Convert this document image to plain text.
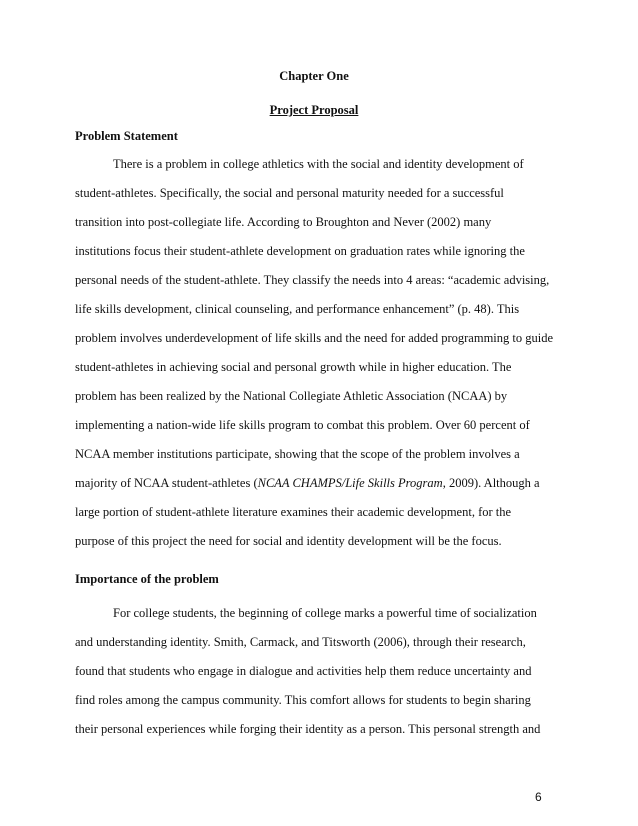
Chapter One

Project Proposal

Problem Statement

There is a problem in college athletics with the social and identity development of

student-athletes. Specifically, the social and personal maturity needed for a successful

transition into post-collegiate life. According to Broughton and Never (2002) many

institutions focus their student-athlete development on graduation rates while ignoring the

personal needs of the student-athlete. They classify the needs into 4 areas: “academic advising,

life skills development, clinical counseling, and performance enhancement” (p. 48). This

problem involves underdevelopment of life skills and the need for added programming to guide

student-athletes in achieving social and personal growth while in higher education. The

problem has been realized by the National Collegiate Athletic Association (NCAA) by

implementing a nation-wide life skills program to combat this problem. Over 60 percent of

NCAA member institutions participate, showing that the scope of the problem involves a

majority of NCAA student-athletes (NCAA CHAMPS/Life Skills Program, 2009). Although a

large portion of student-athlete literature examines their academic development, for the

purpose of this project the need for social and identity development will be the focus.

Importance of the problem

For college students, the beginning of college marks a powerful time of socialization

and understanding identity. Smith, Carmack, and Titsworth (2006), through their research,

found that students who engage in dialogue and activities help them reduce uncertainty and

find roles among the campus community. This comfort allows for students to begin sharing

their personal experiences while forging their identity as a person. This personal strength and

6
